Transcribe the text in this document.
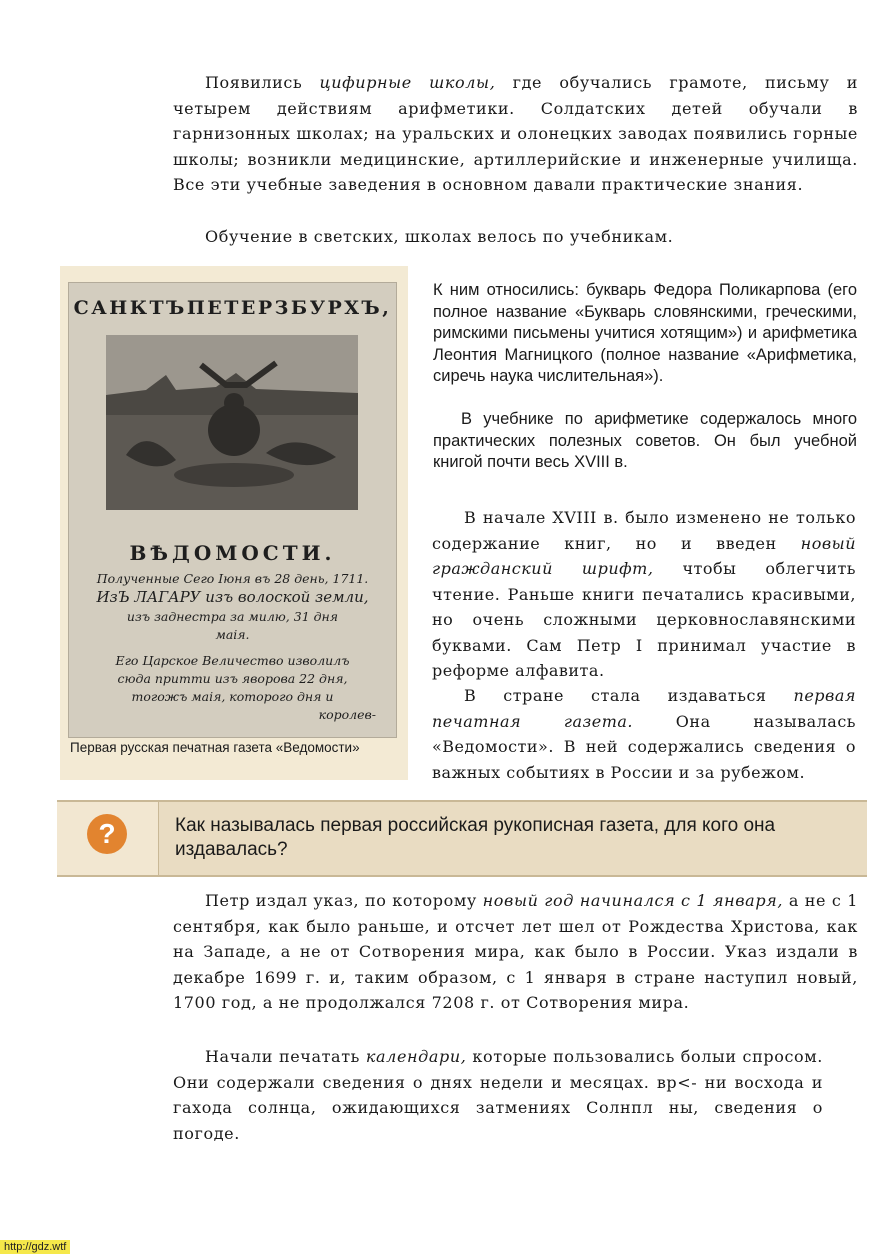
Появились цифирные школы, где обучались грамоте, письму и четырем действиям арифметики. Солдатских детей обучали в гарнизонных школах; на уральских и олонецких заводах появились горные школы; возникли медицинские, артиллерийские и инженерные училища. Все эти учебные заведения в основном давали практические знания.

Обучение в светских, школах велось по учебникам.

САНКТЪПЕТЕРЗБУРХЪ,
ВѢДОМОСТИ.
Полученные Сего Іюня въ 28 день, 1711.
ИзЪ ЛАГАРУ изъ волоской земли,
изъ заднестра за милю, 31 дня
маія.
Его Царское Величество изволилъ
сюда притти изъ яворова 22 дня,
тогожъ маія, которого дня и
королев-
Первая русская печатная газета «Ведомости»

К ним относились: букварь Федора Поликарпова (его полное название «Букварь словянскими, греческими, римскими письмены учитися хотящим») и арифметика Леонтия Магницкого (полное название «Арифметика, сиречь наука числительная»).

В учебнике по арифметике содержалось много практических полезных советов. Он был учебной книгой почти весь XVIII в.

В начале XVIII в. было изменено не только содержание книг, но и введен новый гражданский шрифт, чтобы облегчить чтение. Раньше книги печатались красивыми, но очень сложными церковнославянскими буквами. Сам Петр I принимал участие в реформе алфавита.

В стране стала издаваться первая печатная газета. Она называлась «Ведомости». В ней содержались сведения о важных событиях в России и за рубежом.

?	Как называлась первая российская рукописная газета, для кого она издавалась?

Петр издал указ, по которому новый год начинался с 1 января, а не с 1 сентября, как было раньше, и отсчет лет шел от Рождества Христова, как на Западе, а не от Сотворения мира, как было в России. Указ издали в декабре 1699 г. и, таким образом, с 1 января в стране наступил новый, 1700 год, а не продолжался 7208 г. от Сотворения мира.

Начали печатать календари, которые пользовались болыи спросом. Они содержали сведения о днях недели и месяцах. вр<- ни восхода и гахода солнца, ожидающихся затмениях Солнпл ны, сведения о погоде.

http://gdz.wtf
